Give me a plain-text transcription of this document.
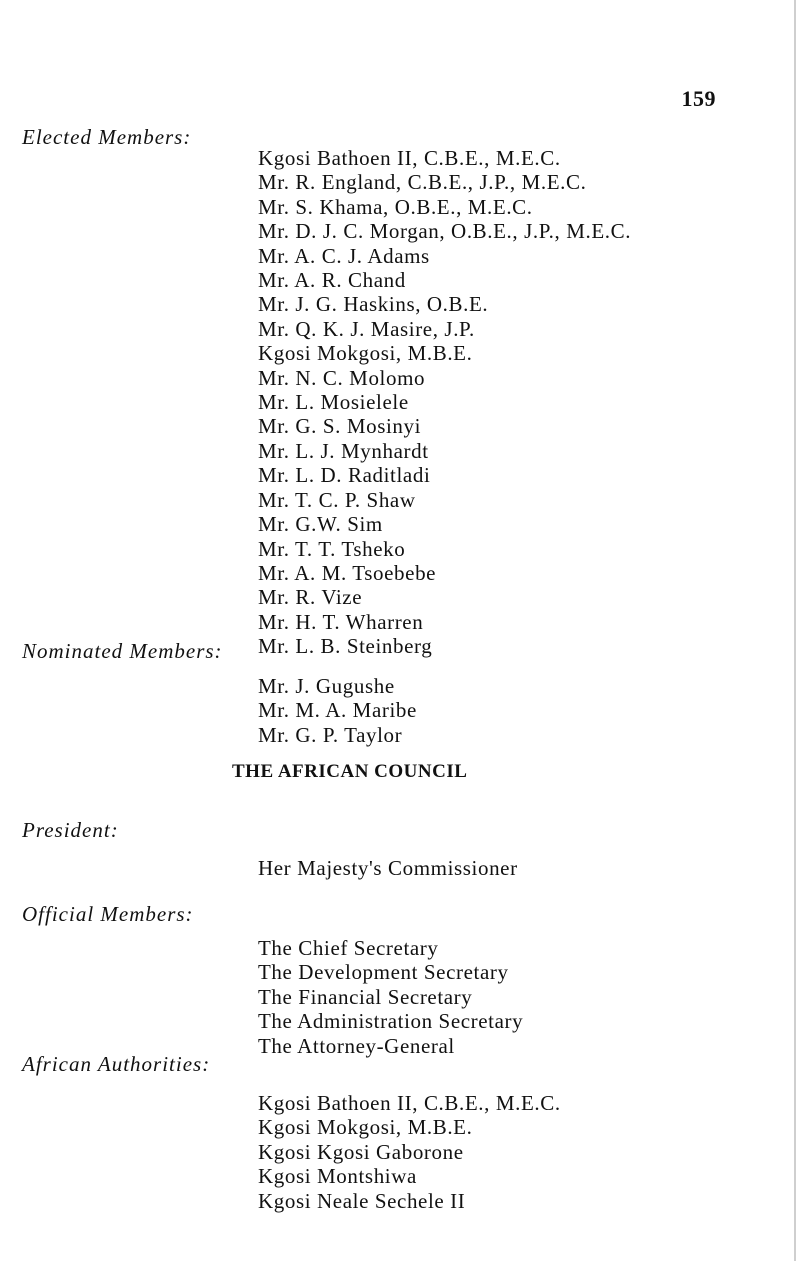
159
Elected Members:
Kgosi Bathoen II, C.B.E., M.E.C.
Mr. R. England, C.B.E., J.P., M.E.C.
Mr. S. Khama, O.B.E., M.E.C.
Mr. D. J. C. Morgan, O.B.E., J.P., M.E.C.
Mr. A. C. J. Adams
Mr. A. R. Chand
Mr. J. G. Haskins, O.B.E.
Mr. Q. K. J. Masire, J.P.
Kgosi Mokgosi, M.B.E.
Mr. N. C. Molomo
Mr. L. Mosielele
Mr. G. S. Mosinyi
Mr. L. J. Mynhardt
Mr. L. D. Raditladi
Mr. T. C. P. Shaw
Mr. G.W. Sim
Mr. T. T. Tsheko
Mr. A. M. Tsoebebe
Mr. R. Vize
Mr. H. T. Wharren
Mr. L. B. Steinberg
Nominated Members:
Mr. J. Gugushe
Mr. M. A. Maribe
Mr. G. P. Taylor
THE AFRICAN COUNCIL
President:
Her Majesty's Commissioner
Official Members:
The Chief Secretary
The Development Secretary
The Financial Secretary
The Administration Secretary
The Attorney-General
African Authorities:
Kgosi Bathoen II, C.B.E., M.E.C.
Kgosi Mokgosi, M.B.E.
Kgosi Kgosi Gaborone
Kgosi Montshiwa
Kgosi Neale Sechele II
